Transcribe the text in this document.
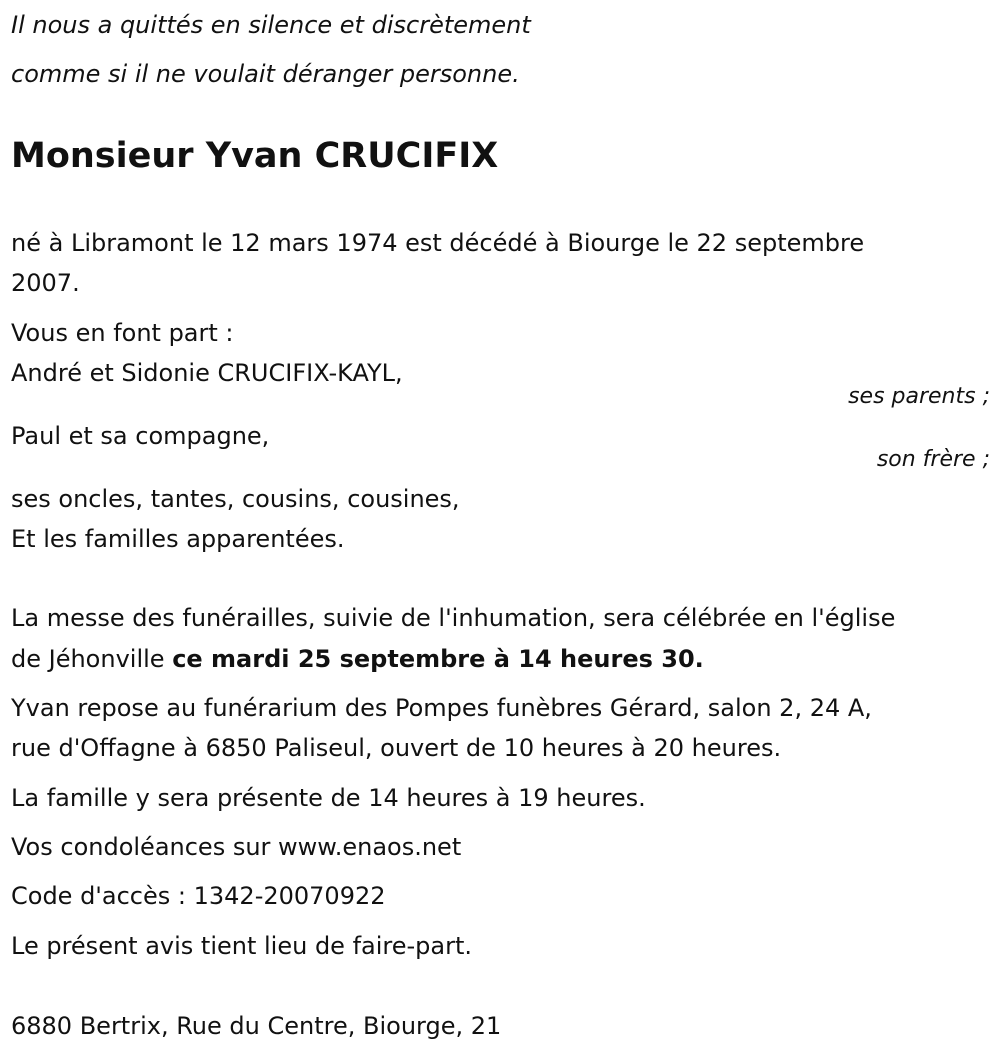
Il nous a quittés en silence et discrètement
comme si il ne voulait déranger personne.
Monsieur Yvan CRUCIFIX
né à Libramont le 12 mars 1974 est décédé à Biourge le 22 septembre
2007.
Vous en font part :
André et Sidonie CRUCIFIX-KAYL,
ses parents ;
Paul et sa compagne,
son frère ;
ses oncles, tantes, cousins, cousines,
Et les familles apparentées.
La messe des funérailles, suivie de l'inhumation, sera célébrée en l'église
de Jéhonville ce mardi 25 septembre à 14 heures 30.
Yvan repose au funérarium des Pompes funèbres Gérard, salon 2, 24 A,
rue d'Offagne à 6850 Paliseul, ouvert de 10 heures à 20 heures.
La famille y sera présente de 14 heures à 19 heures.
Vos condoléances sur www.enaos.net
Code d'accès : 1342-20070922
Le présent avis tient lieu de faire-part.
6880 Bertrix, Rue du Centre, Biourge, 21
